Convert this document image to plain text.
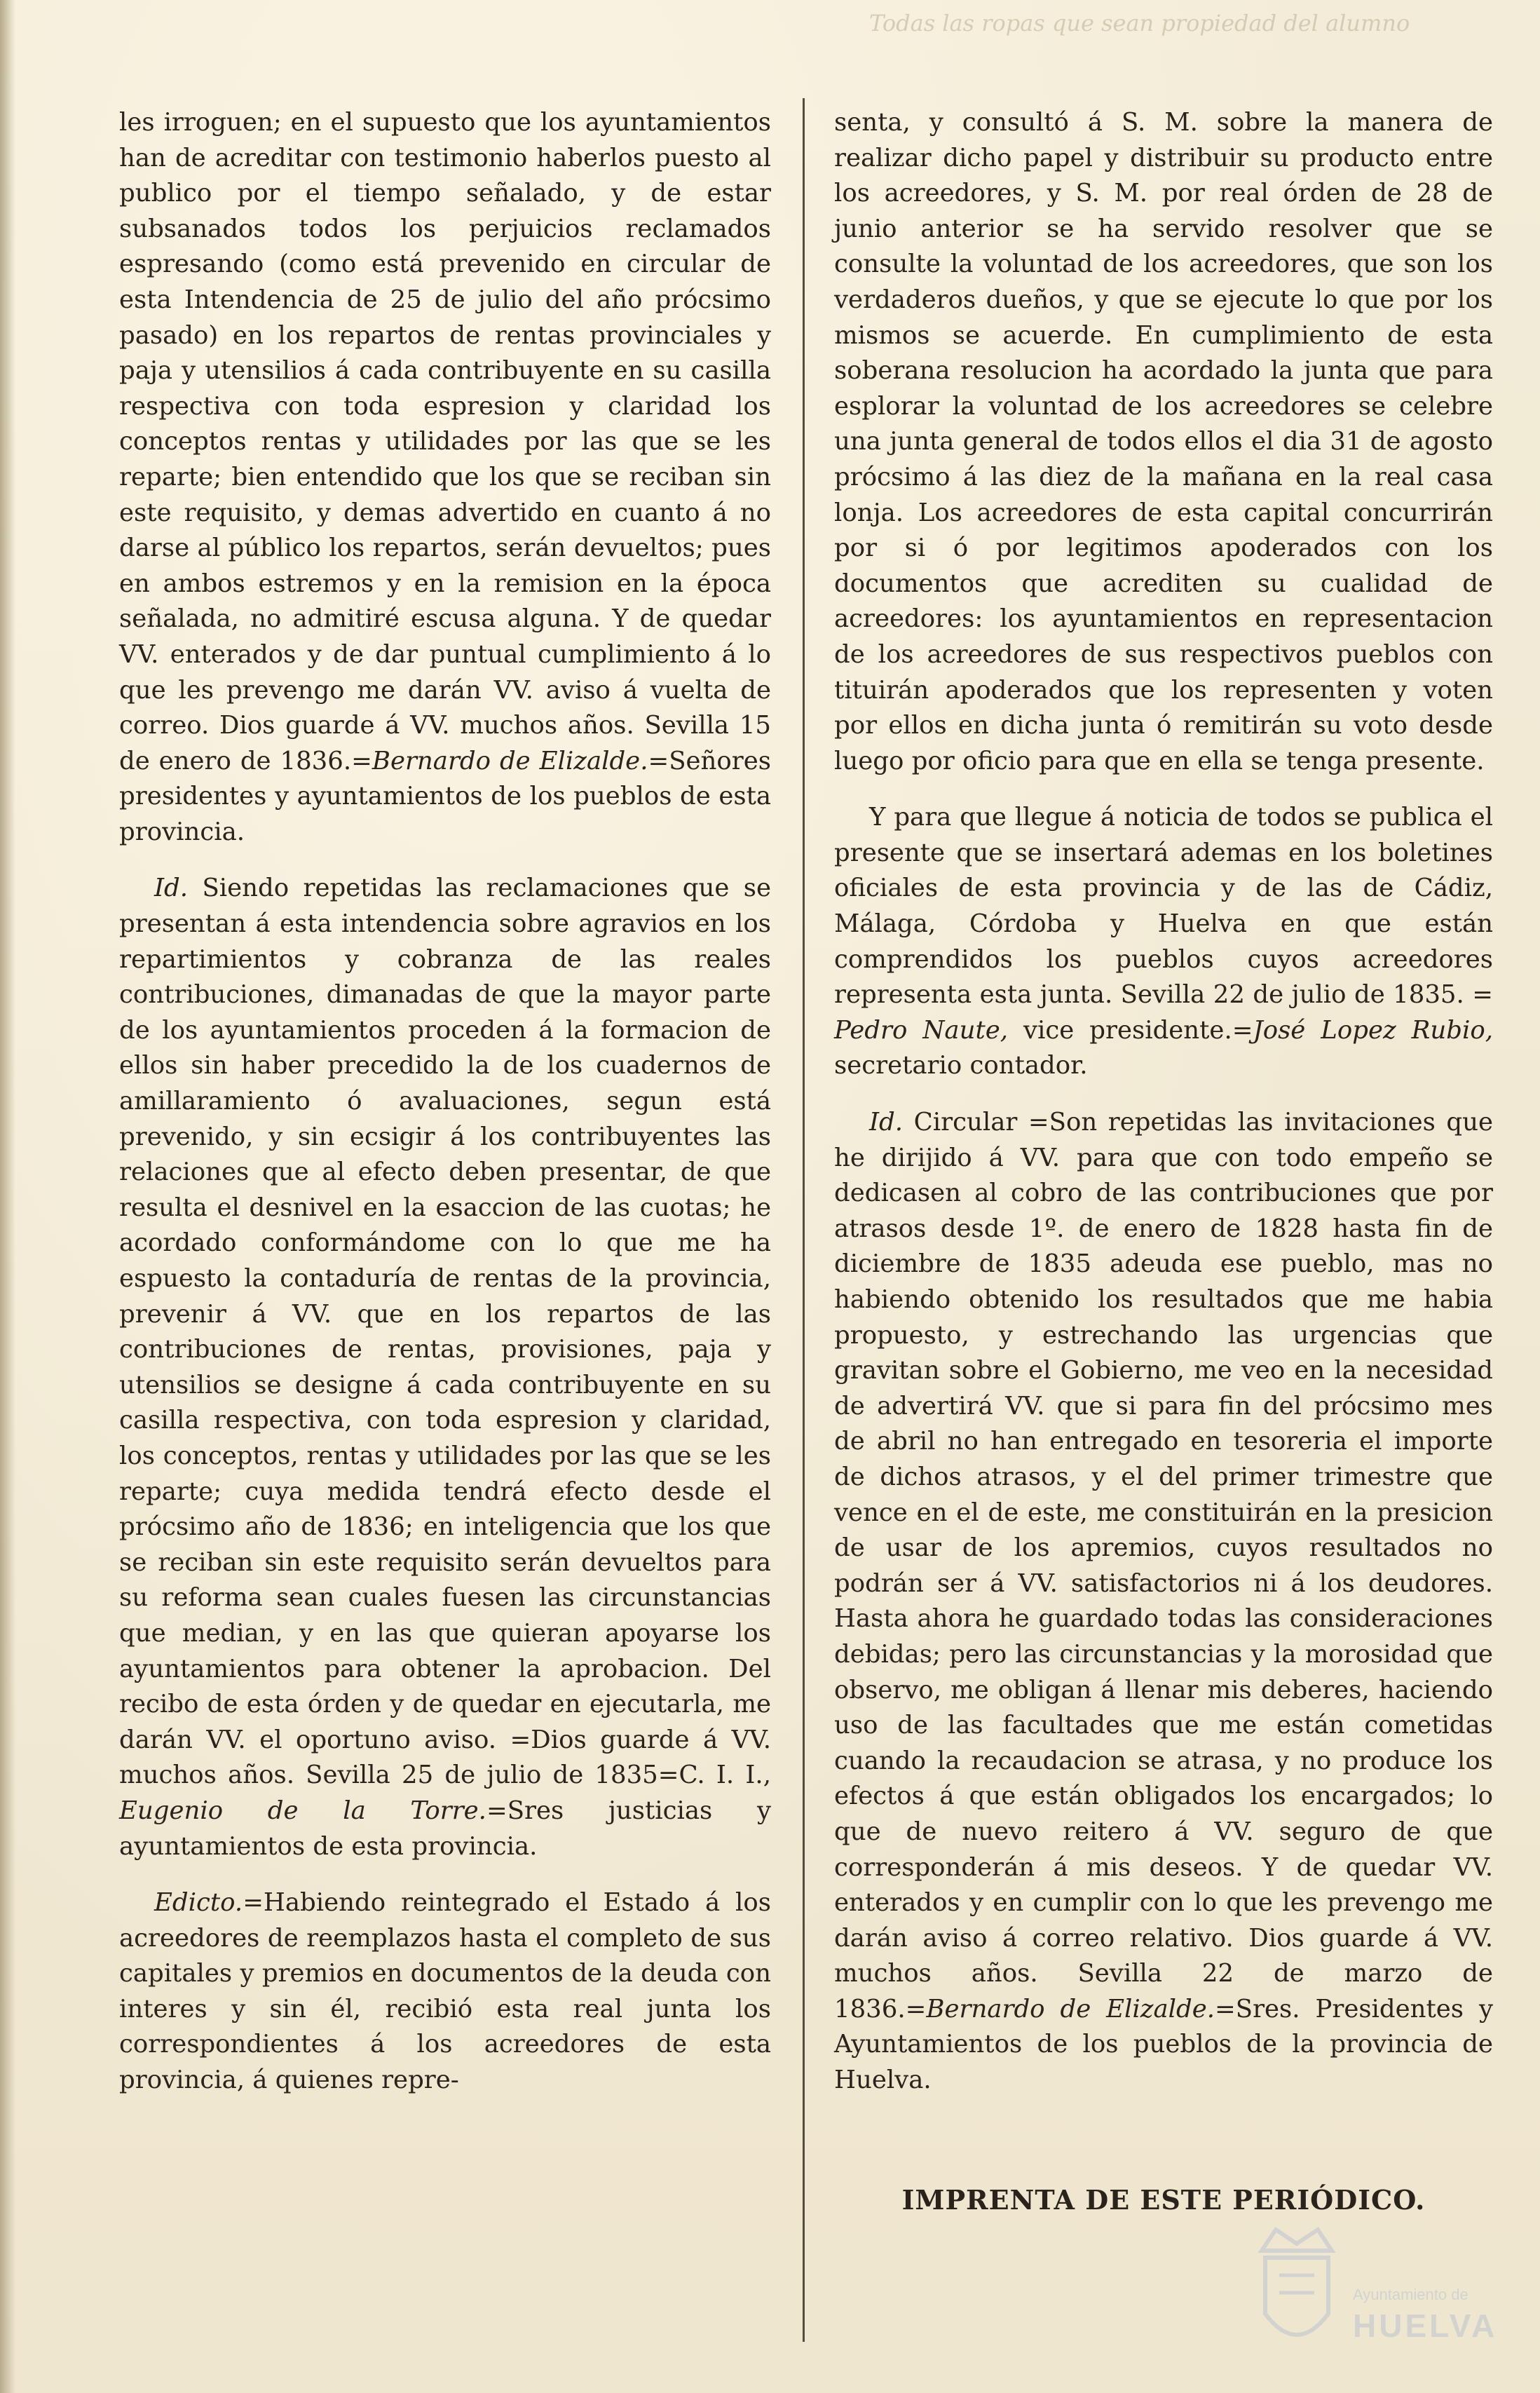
Todas las ropas que sean propiedad del alumno

les irroguen; en el supuesto que los ayuntamientos han de acreditar con testimonio haberlos puesto al publico por el tiempo señalado, y de estar subsanados todos los perjuicios reclamados espresando (como está prevenido en circular de esta Intendencia de 25 de julio del año prócsimo pasado) en los repartos de rentas provinciales y paja y utensilios á cada contribuyente en su casilla respectiva con toda espresion y claridad los conceptos rentas y utilidades por las que se les reparte; bien entendido que los que se reciban sin este requisito, y demas advertido en cuanto á no darse al público los repartos, serán devueltos; pues en ambos estremos y en la remision en la época señalada, no admitiré escusa alguna. Y de quedar VV. enterados y de dar puntual cumplimiento á lo que les prevengo me darán VV. aviso á vuelta de correo. Dios guarde á VV. muchos años. Sevilla 15 de enero de 1836.=Bernardo de Elizalde.=Señores presidentes y ayuntamientos de los pueblos de esta provincia.

Id. Siendo repetidas las reclamaciones que se presentan á esta intendencia sobre agravios en los repartimientos y cobranza de las reales contribuciones, dimanadas de que la mayor parte de los ayuntamientos proceden á la formacion de ellos sin haber precedido la de los cuadernos de amillaramiento ó avaluaciones, segun está prevenido, y sin ecsigir á los contribuyentes las relaciones que al efecto deben presentar, de que resulta el desnivel en la esaccion de las cuotas; he acordado conformándome con lo que me ha espuesto la contaduría de rentas de la provincia, prevenir á VV. que en los repartos de las contribuciones de rentas, provisiones, paja y utensilios se designe á cada contribuyente en su casilla respectiva, con toda espresion y claridad, los conceptos, rentas y utilidades por las que se les reparte; cuya medida tendrá efecto desde el prócsimo año de 1836; en inteligencia que los que se reciban sin este requisito serán devueltos para su reforma sean cuales fuesen las circunstancias que median, y en las que quieran apoyarse los ayuntamientos para obtener la aprobacion. Del recibo de esta órden y de quedar en ejecutarla, me darán VV. el oportuno aviso. =Dios guarde á VV. muchos años. Sevilla 25 de julio de 1835=C. I. I., Eugenio de la Torre.=Sres justicias y ayuntamientos de esta provincia.

Edicto.=Habiendo reintegrado el Estado á los acreedores de reemplazos hasta el completo de sus capitales y premios en documentos de la deuda con interes y sin él, recibió esta real junta los correspondientes á los acreedores de esta provincia, á quienes repre-

senta, y consultó á S. M. sobre la manera de realizar dicho papel y distribuir su producto entre los acreedores, y S. M. por real órden de 28 de junio anterior se ha servido resolver que se consulte la voluntad de los acreedores, que son los verdaderos dueños, y que se ejecute lo que por los mismos se acuerde. En cumplimiento de esta soberana resolucion ha acordado la junta que para esplorar la voluntad de los acreedores se celebre una junta general de todos ellos el dia 31 de agosto prócsimo á las diez de la mañana en la real casa lonja. Los acreedores de esta capital concurrirán por si ó por legitimos apoderados con los documentos que acrediten su cualidad de acreedores: los ayuntamientos en representacion de los acreedores de sus respectivos pueblos con tituirán apoderados que los representen y voten por ellos en dicha junta ó remitirán su voto desde luego por oficio para que en ella se tenga presente.

Y para que llegue á noticia de todos se publica el presente que se insertará ademas en los boletines oficiales de esta provincia y de las de Cádiz, Málaga, Córdoba y Huelva en que están comprendidos los pueblos cuyos acreedores representa esta junta. Sevilla 22 de julio de 1835. = Pedro Naute, vice presidente.=José Lopez Rubio, secretario contador.

Id. Circular =Son repetidas las invitaciones que he dirijido á VV. para que con todo empeño se dedicasen al cobro de las contribuciones que por atrasos desde 1º. de enero de 1828 hasta fin de diciembre de 1835 adeuda ese pueblo, mas no habiendo obtenido los resultados que me habia propuesto, y estrechando las urgencias que gravitan sobre el Gobierno, me veo en la necesidad de advertirá VV. que si para fin del prócsimo mes de abril no han entregado en tesoreria el importe de dichos atrasos, y el del primer trimestre que vence en el de este, me constituirán en la presicion de usar de los apremios, cuyos resultados no podrán ser á VV. satisfactorios ni á los deudores. Hasta ahora he guardado todas las consideraciones debidas; pero las circunstancias y la morosidad que observo, me obligan á llenar mis deberes, haciendo uso de las facultades que me están cometidas cuando la recaudacion se atrasa, y no produce los efectos á que están obligados los encargados; lo que de nuevo reitero á VV. seguro de que corresponderán á mis deseos. Y de quedar VV. enterados y en cumplir con lo que les prevengo me darán aviso á correo relativo. Dios guarde á VV. muchos años. Sevilla 22 de marzo de 1836.=Bernardo de Elizalde.=Sres. Presidentes y Ayuntamientos de los pueblos de la provincia de Huelva.

IMPRENTA DE ESTE PERIÓDICO.
Ayuntamiento de
HUELVA
